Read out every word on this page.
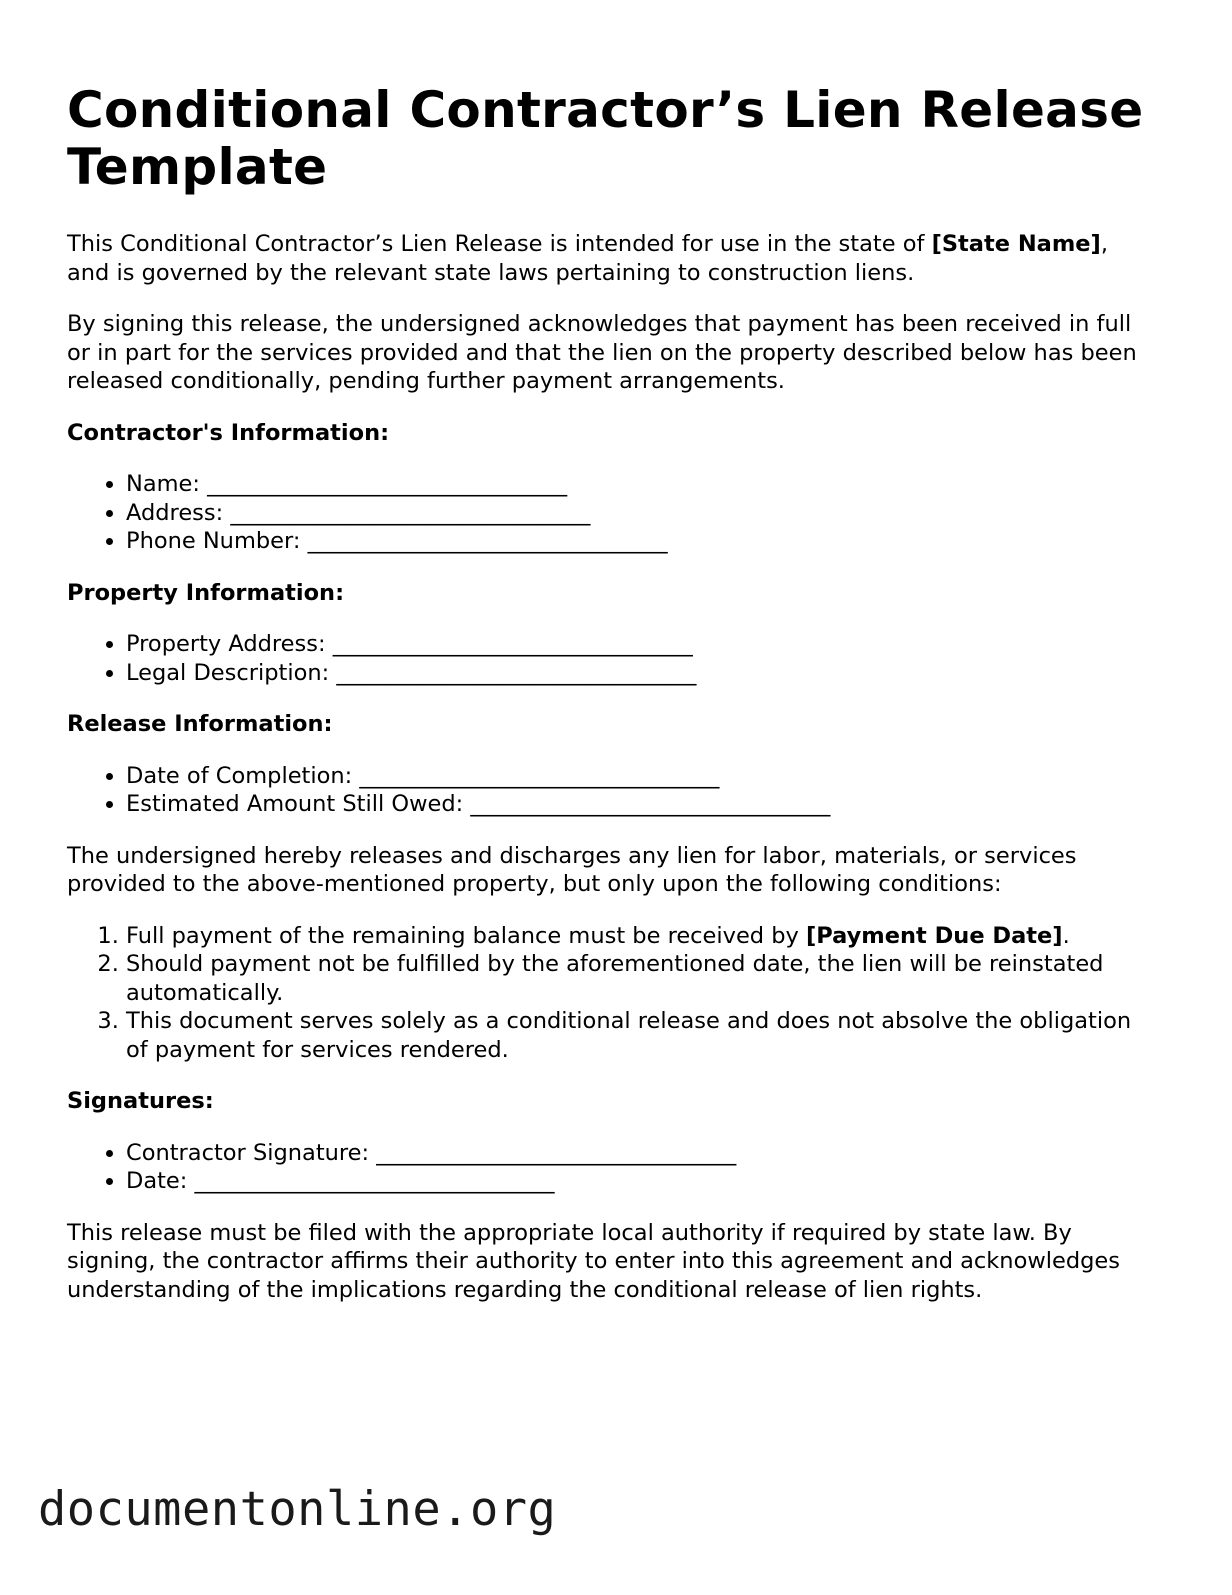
Conditional Contractor’s Lien Release Template

This Conditional Contractor’s Lien Release is intended for use in the state of [State Name], and is governed by the relevant state laws pertaining to construction liens.

By signing this release, the undersigned acknowledges that payment has been received in full or in part for the services provided and that the lien on the property described below has been released conditionally, pending further payment arrangements.

Contractor's Information:

• Name: ________________________________
• Address: ________________________________
• Phone Number: ________________________________

Property Information:

• Property Address: ________________________________
• Legal Description: ________________________________

Release Information:

• Date of Completion: ________________________________
• Estimated Amount Still Owed: ________________________________

The undersigned hereby releases and discharges any lien for labor, materials, or services provided to the above-mentioned property, but only upon the following conditions:

1. Full payment of the remaining balance must be received by [Payment Due Date].
2. Should payment not be fulfilled by the aforementioned date, the lien will be reinstated automatically.
3. This document serves solely as a conditional release and does not absolve the obligation of payment for services rendered.

Signatures:

• Contractor Signature: ________________________________
• Date: ________________________________

This release must be filed with the appropriate local authority if required by state law. By signing, the contractor affirms their authority to enter into this agreement and acknowledges understanding of the implications regarding the conditional release of lien rights.

documentonline.org
